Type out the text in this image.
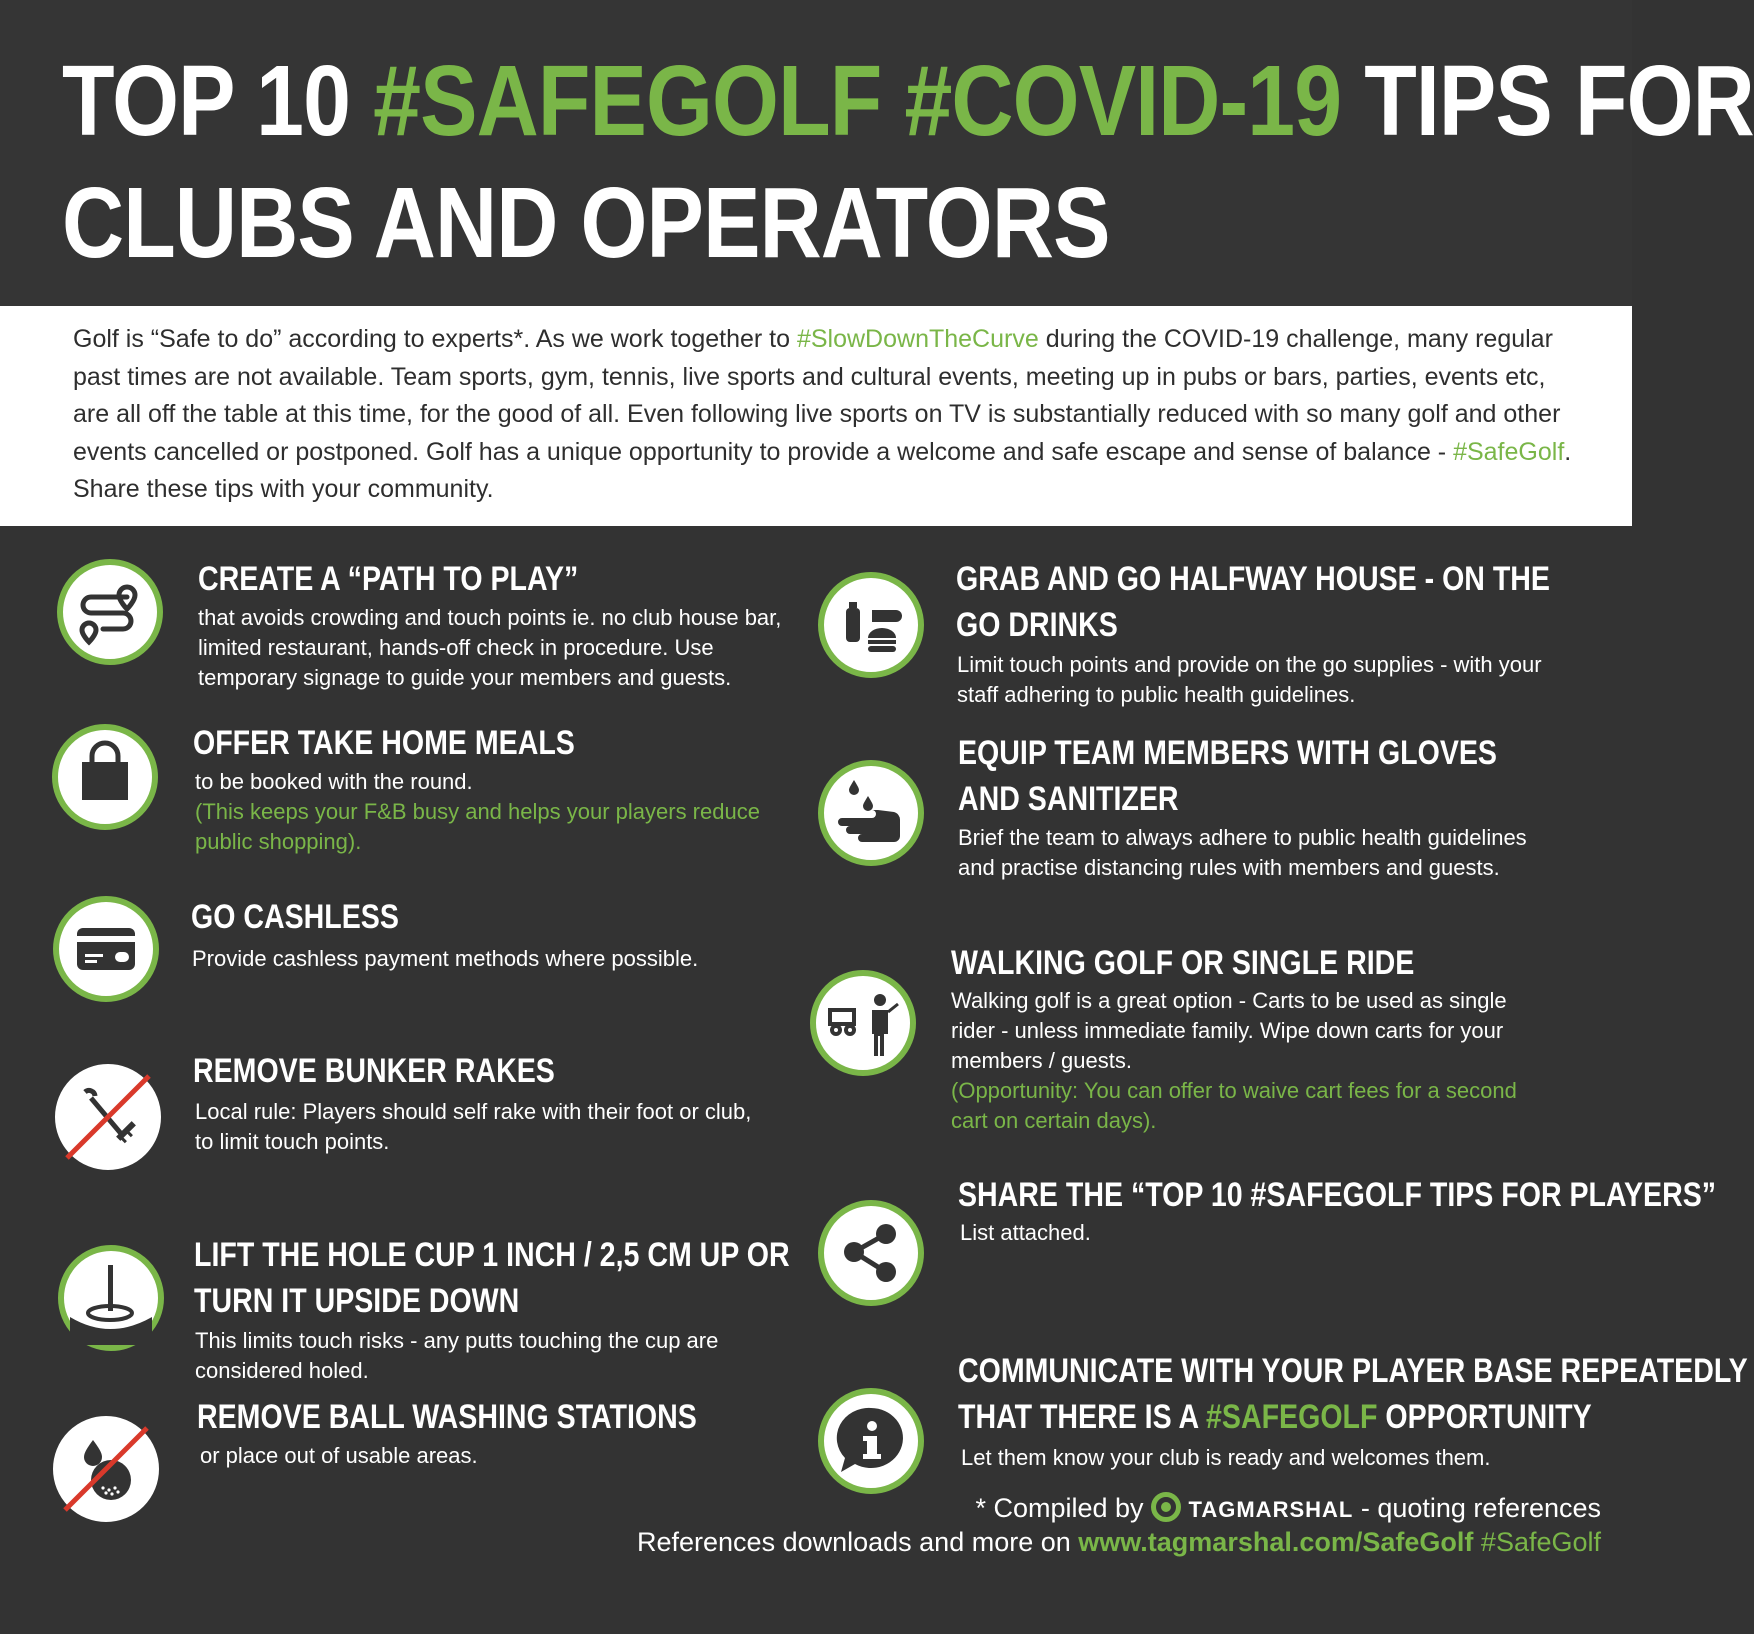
TOP 10 #SAFEGOLF #COVID-19 TIPS FOR
CLUBS AND OPERATORS

Golf is “Safe to do” according to experts*. As we work together to #SlowDownTheCurve during the COVID-19 challenge, many regular past times are not available. Team sports, gym, tennis, live sports and cultural events, meeting up in pubs or bars, parties, events etc, are all off the table at this time, for the good of all. Even following live sports on TV is substantially reduced with so many golf and other events cancelled or postponed. Golf has a unique opportunity to provide a welcome and safe escape and sense of balance - #SafeGolf. Share these tips with your community.

CREATE A “PATH TO PLAY”

that avoids crowding and touch points ie. no club house bar, limited restaurant, hands-off check in procedure. Use temporary signage to guide your members and guests.

OFFER TAKE HOME MEALS

to be booked with the round.
(This keeps your F&B busy and helps your players reduce public shopping).

GO CASHLESS

Provide cashless payment methods where possible.

REMOVE BUNKER RAKES

Local rule: Players should self rake with their foot or club, to limit touch points.

LIFT THE HOLE CUP 1 INCH / 2,5 CM UP OR
TURN IT UPSIDE DOWN

This limits touch risks - any putts touching the cup are considered holed.

REMOVE BALL WASHING STATIONS

or place out of usable areas.

GRAB AND GO HALFWAY HOUSE - ON THE
GO DRINKS

Limit touch points and provide on the go supplies - with your staff adhering to public health guidelines.

EQUIP TEAM MEMBERS WITH GLOVES
AND SANITIZER

Brief the team to always adhere to public health guidelines and practise distancing rules with members and guests.

WALKING GOLF OR SINGLE RIDE

Walking golf is a great option - Carts to be used as single rider - unless immediate family. Wipe down carts for your members / guests.
(Opportunity: You can offer to waive cart fees for a second cart on certain days).

SHARE THE “TOP 10 #SAFEGOLF TIPS FOR PLAYERS”

List attached.

COMMUNICATE WITH YOUR PLAYER BASE REPEATEDLY
THAT THERE IS A #SAFEGOLF OPPORTUNITY

Let them know your club is ready and welcomes them.

* Compiled by TAGMARSHAL - quoting references
References downloads and more on www.tagmarshal.com/SafeGolf #SafeGolf
